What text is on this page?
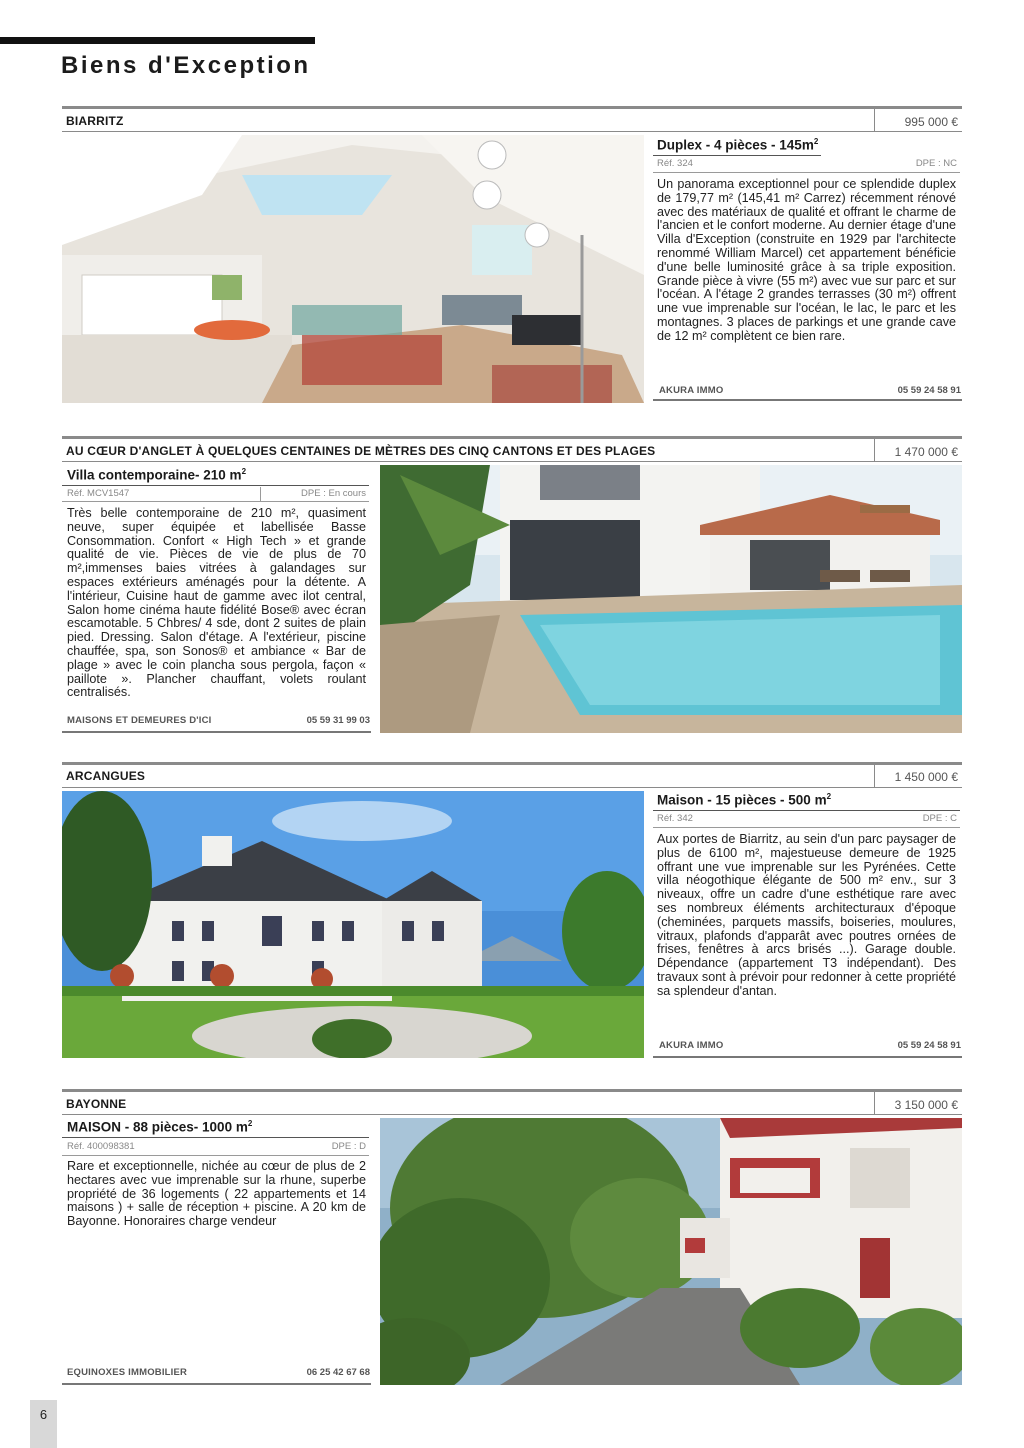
Biens d'Exception
BIARRITZ	995 000 €
Duplex - 4 pièces - $145m^2$
Réf. 324	DPE : NC
Un panorama exceptionnel pour ce splendide duplex de 179,77 m² (145,41 m² Carrez) récemment rénové avec des matériaux de qualité et offrant le charme de l'ancien et le confort moderne. Au dernier étage d'une Villa d'Exception (construite en 1929 par l'architecte renommé William Marcel) cet appartement bénéficie d'une belle luminosité grâce à sa triple exposition. Grande pièce à vivre (55 m²) avec vue sur parc et sur l'océan. A l'étage 2 grandes terrasses (30 m²) offrent une vue imprenable sur l'océan, le lac, le parc et les montagnes. 3 places de parkings et une grande cave de 12 m² complètent ce bien rare.
AKURA IMMO	05 59 24 58 91
AU CŒUR D'ANGLET À QUELQUES CENTAINES DE MÈTRES DES CINQ CANTONS ET DES PLAGES	1 470 000 €
Villa contemporaine- 210 $m^2$
Réf. MCV1547	DPE : En cours
Très belle contemporaine de 210 m², quasiment neuve, super équipée et labellisée Basse Consommation. Confort « High Tech » et grande qualité de vie. Pièces de vie de plus de 70 m²,immenses baies vitrées à galandages sur espaces extérieurs aménagés pour la détente. A l'intérieur, Cuisine haut de gamme avec ilot central, Salon home cinéma haute fidélité Bose® avec écran escamotable. 5 Chbres/ 4 sde, dont 2 suites de plain pied. Dressing. Salon d'étage. A l'extérieur, piscine chauffée, spa, son Sonos® et ambiance « Bar de plage » avec le coin plancha sous pergola, façon « paillote ». Plancher chauffant, volets roulant centralisés.
MAISONS ET DEMEURES D'ICI	05 59 31 99 03
ARCANGUES	1 450 000 €
Maison - 15 pièces - 500 $m^2$
Réf. 342	DPE : C
Aux portes de Biarritz, au sein d'un parc paysager de plus de 6100 m², majestueuse demeure de 1925 offrant une vue imprenable sur les Pyrénées. Cette villa néogothique élégante de 500 m² env., sur 3 niveaux, offre un cadre d'une esthétique rare avec ses nombreux éléments architecturaux d'époque (cheminées, parquets massifs, boiseries, moulures, vitraux, plafonds d'apparât avec poutres ornées de frises, fenêtres à arcs brisés ...). Garage double. Dépendance (appartement T3 indépendant). Des travaux sont à prévoir pour redonner à cette propriété sa splendeur d'antan.
AKURA IMMO	05 59 24 58 91
BAYONNE	3 150 000 €
MAISON - 88 pièces- 1000 $m^2$
Réf. 400098381	DPE : D
Rare et exceptionnelle, nichée au cœur de plus de 2 hectares avec vue imprenable sur la rhune, superbe propriété de 36 logements ( 22 appartements et 14 maisons ) + salle de réception + piscine. A 20 km de Bayonne. Honoraires charge vendeur
EQUINOXES IMMOBILIER	06 25 42 67 68
6
